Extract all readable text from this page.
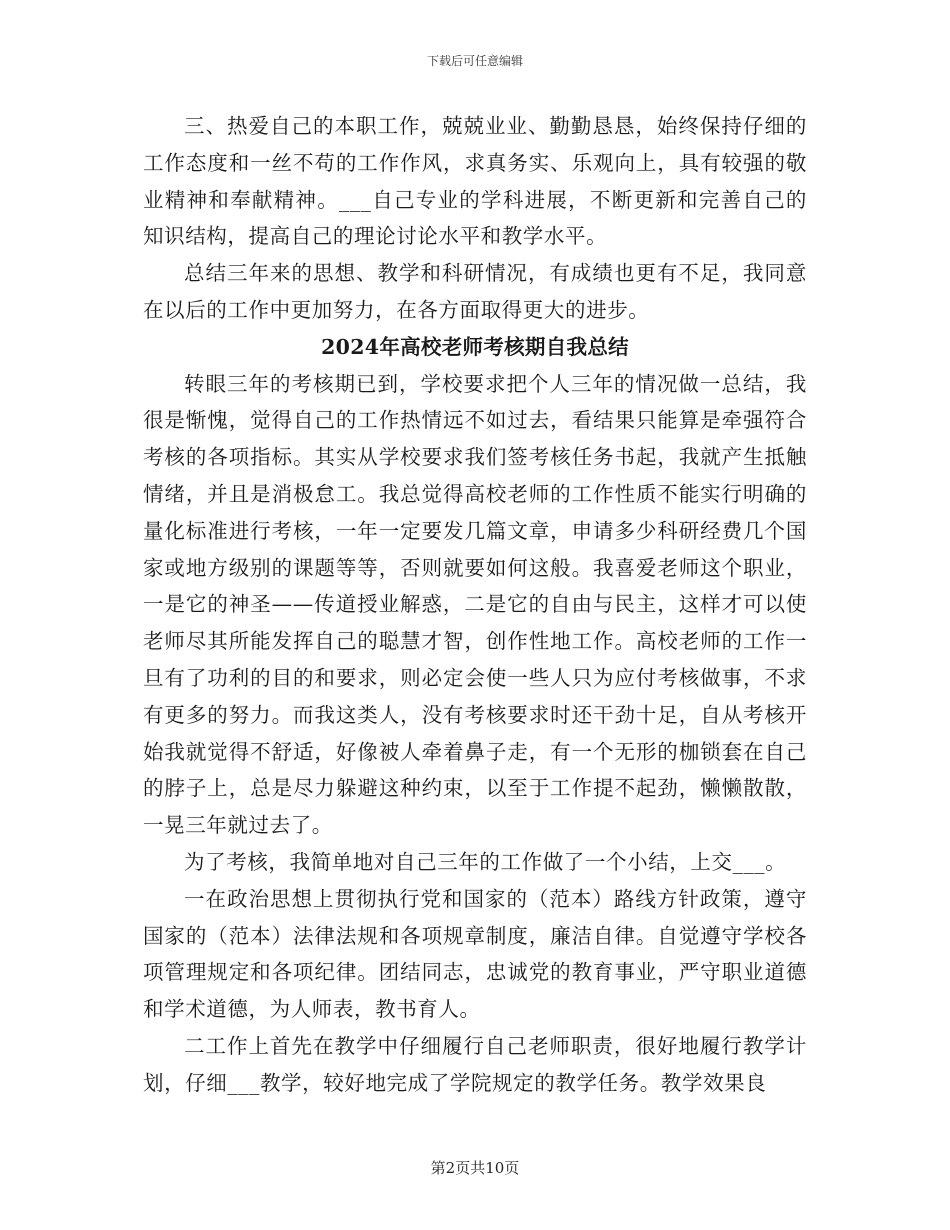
下载后可任意编辑

三、热爱自己的本职工作，兢兢业业、勤勤恳恳，始终保持仔细的工作态度和一丝不苟的工作作风，求真务实、乐观向上，具有较强的敬业精神和奉献精神。___自己专业的学科进展，不断更新和完善自己的知识结构，提高自己的理论讨论水平和教学水平。

总结三年来的思想、教学和科研情况，有成绩也更有不足，我同意在以后的工作中更加努力，在各方面取得更大的进步。

2024年高校老师考核期自我总结

转眼三年的考核期已到，学校要求把个人三年的情况做一总结，我很是惭愧，觉得自己的工作热情远不如过去，看结果只能算是牵强符合考核的各项指标。其实从学校要求我们签考核任务书起，我就产生抵触情绪，并且是消极怠工。我总觉得高校老师的工作性质不能实行明确的量化标准进行考核，一年一定要发几篇文章，申请多少科研经费几个国家或地方级别的课题等等，否则就要如何这般。我喜爱老师这个职业，一是它的神圣——传道授业解惑，二是它的自由与民主，这样才可以使老师尽其所能发挥自己的聪慧才智，创作性地工作。高校老师的工作一旦有了功利的目的和要求，则必定会使一些人只为应付考核做事，不求有更多的努力。而我这类人，没有考核要求时还干劲十足，自从考核开始我就觉得不舒适，好像被人牵着鼻子走，有一个无形的枷锁套在自己的脖子上，总是尽力躲避这种约束，以至于工作提不起劲，懒懒散散，一晃三年就过去了。

为了考核，我简单地对自己三年的工作做了一个小结，上交___。

一在政治思想上贯彻执行党和国家的（范本）路线方针政策，遵守国家的（范本）法律法规和各项规章制度，廉洁自律。自觉遵守学校各项管理规定和各项纪律。团结同志，忠诚党的教育事业，严守职业道德和学术道德，为人师表，教书育人。

二工作上首先在教学中仔细履行自己老师职责，很好地履行教学计划，仔细___教学，较好地完成了学院规定的教学任务。教学效果良

第2页共10页
